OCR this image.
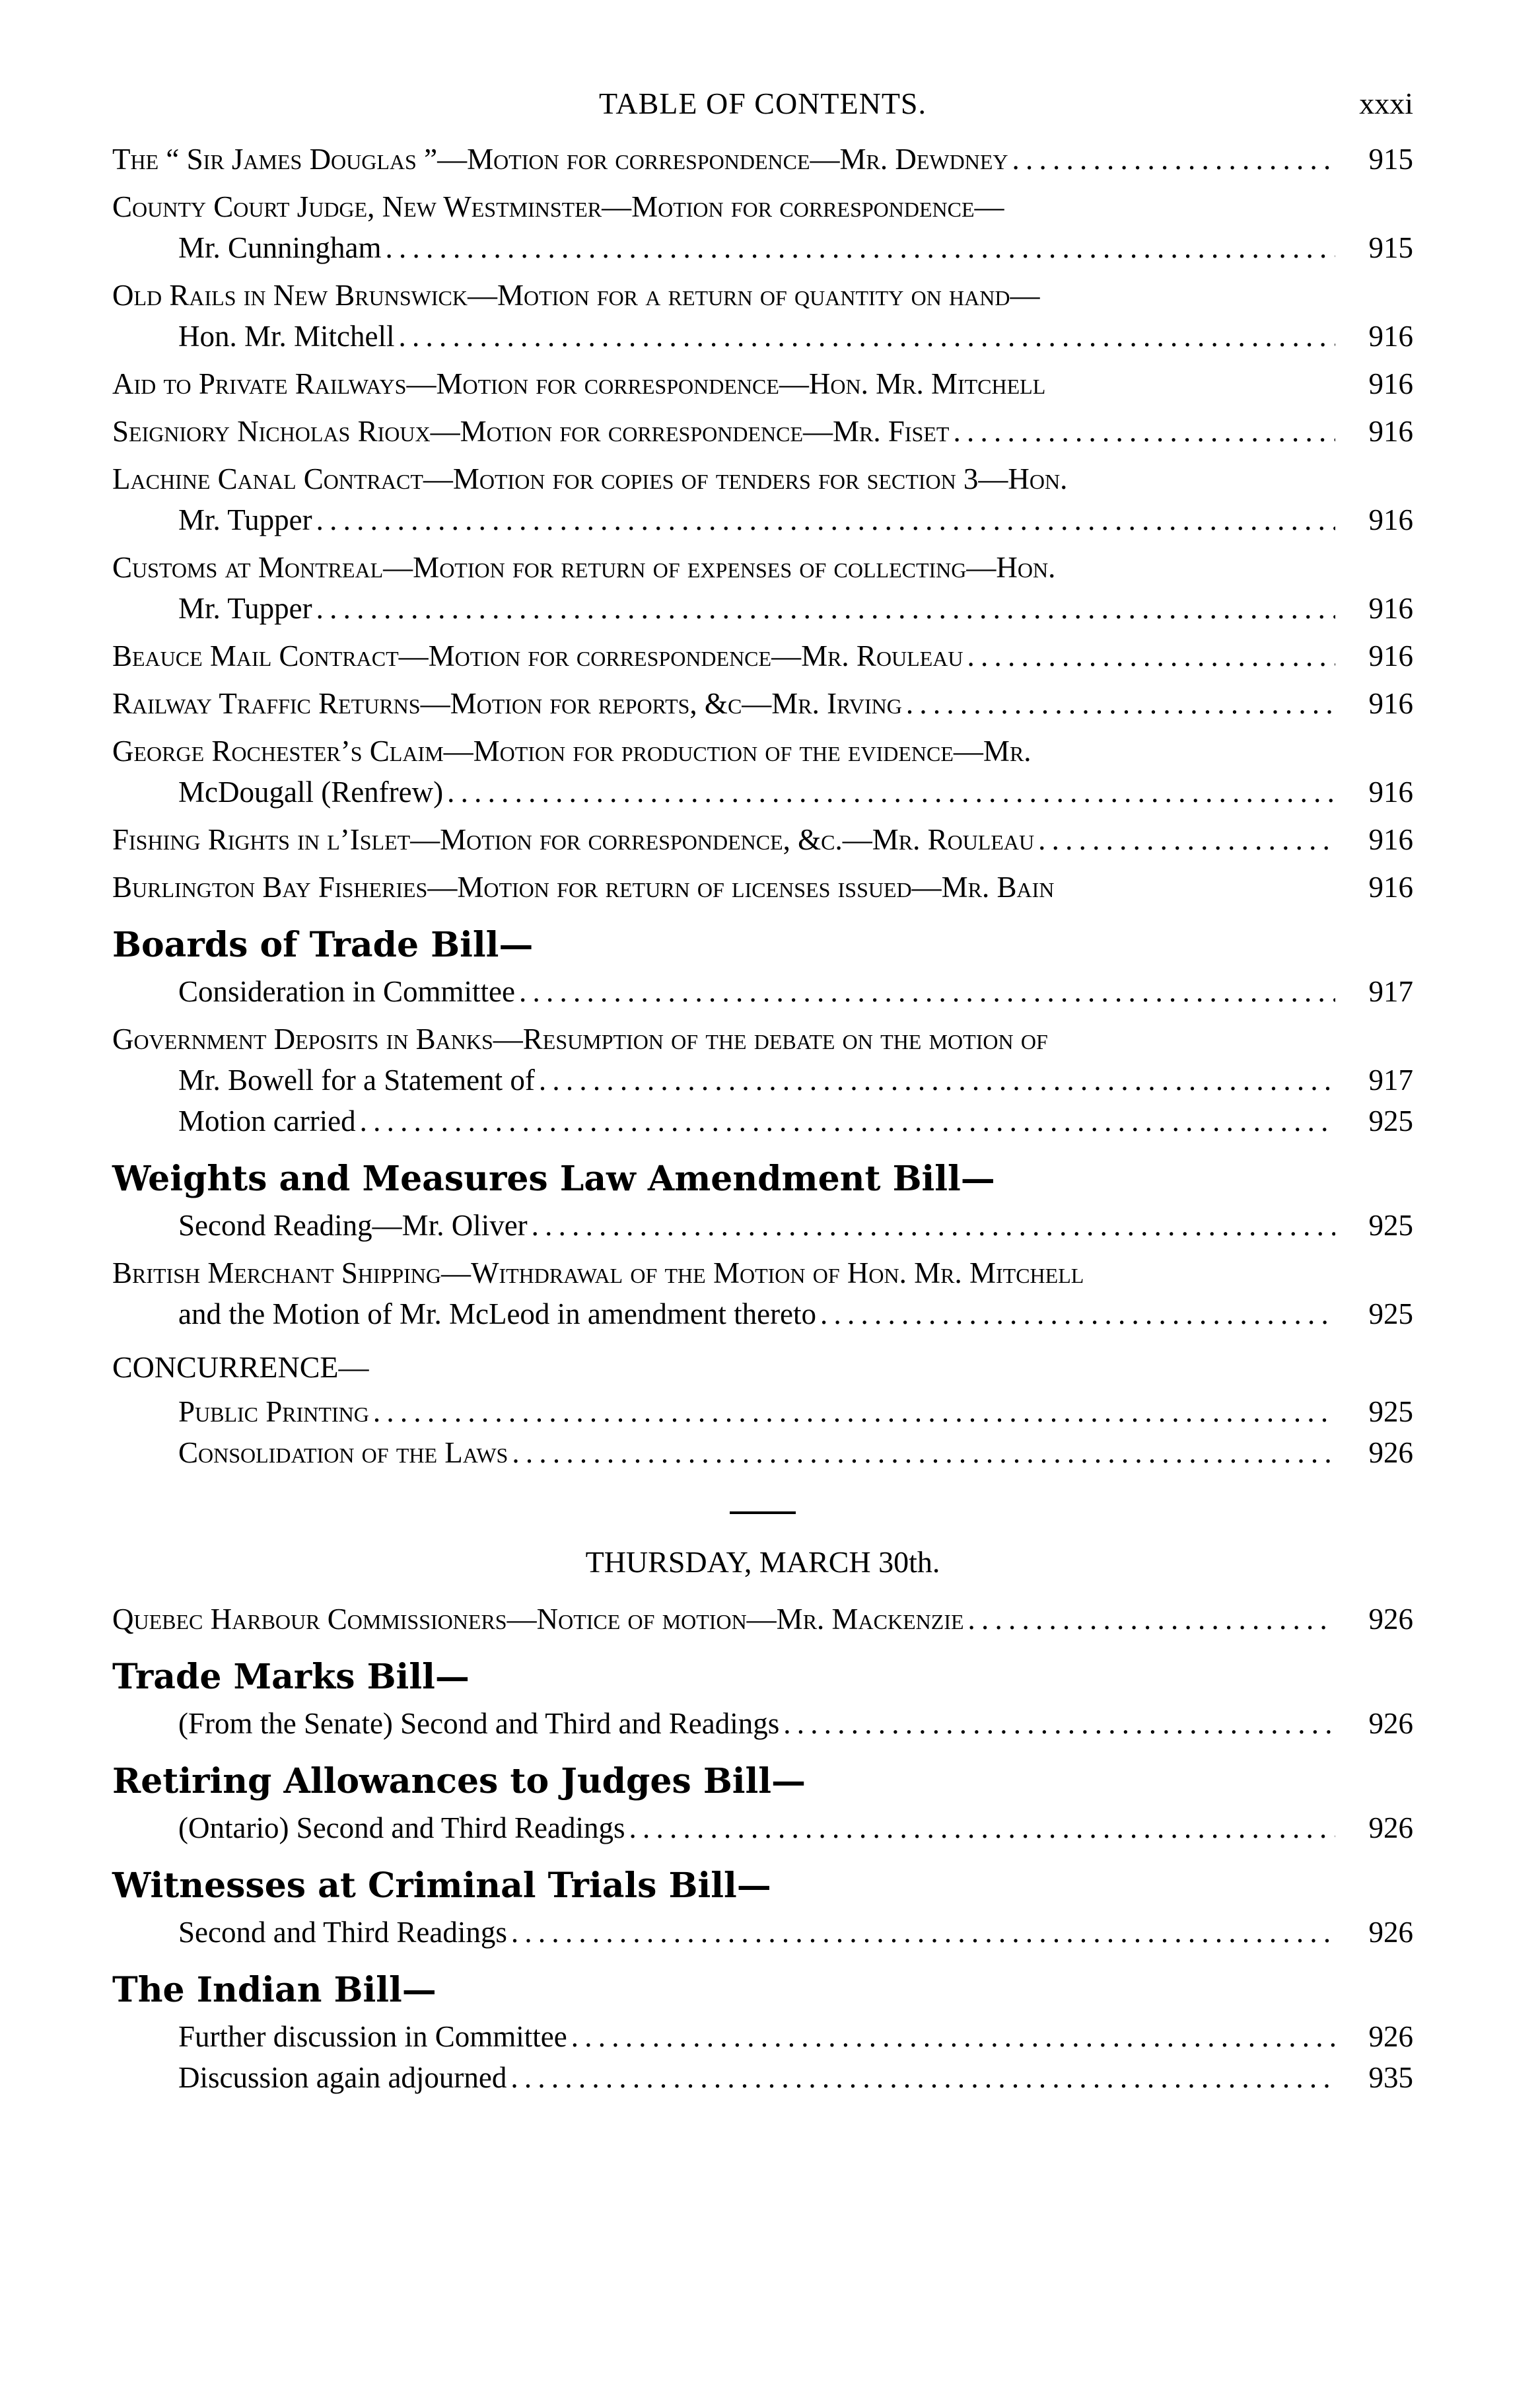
TABLE OF CONTENTS.	xxxi
The “ Sir James Douglas ”—Motion for correspondence—Mr. Dewdney . . .	915
County Court Judge, New Westminster—Motion for correspondence—
Mr. Cunningham . . .	915
Old Rails in New Brunswick—Motion for a return of quantity on hand—
Hon. Mr. Mitchell . . .	916
Aid to Private Railways—Motion for correspondence—Hon. Mr. Mitchell	916
Seigniory Nicholas Rioux—Motion for correspondence—Mr. Fiset . . .	916
Lachine Canal Contract—Motion for copies of tenders for section 3—Hon.
Mr. Tupper . . .	916
Customs at Montreal—Motion for return of expenses of collecting—Hon.
Mr. Tupper . . .	916
Beauce Mail Contract—Motion for correspondence—Mr. Rouleau . . .	916
Railway Traffic Returns—Motion for reports, &c—Mr. Irving . . .	916
George Rochester’s Claim—Motion for production of the evidence—Mr.
McDougall (Renfrew) . . .	916
Fishing Rights in l’Islet—Motion for correspondence, &c.—Mr. Rouleau . . .	916
Burlington Bay Fisheries—Motion for return of licenses issued—Mr. Bain	916
Boards of Trade Bill—
Consideration in Committee . . .	917
Government Deposits in Banks—Resumption of the debate on the motion of
Mr. Bowell for a Statement of . . .	917
Motion carried . . .	925
Weights and Measures Law Amendment Bill—
Second Reading—Mr. Oliver . . .	925
British Merchant Shipping—Withdrawal of the Motion of Hon. Mr. Mitchell
and the Motion of Mr. McLeod in amendment thereto . . .	925
CONCURRENCE—
Public Printing . . .	925
Consolidation of the Laws . . .	926
THURSDAY, MARCH 30th.
Quebec Harbour Commissioners—Notice of motion—Mr. Mackenzie . . .	926
Trade Marks Bill—
(From the Senate) Second and Third and Readings . . .	926
Retiring Allowances to Judges Bill—
(Ontario) Second and Third Readings . . .	926
Witnesses at Criminal Trials Bill—
Second and Third Readings . . .	926
The Indian Bill—
Further discussion in Committee . . .	926
Discussion again adjourned . . .	935
